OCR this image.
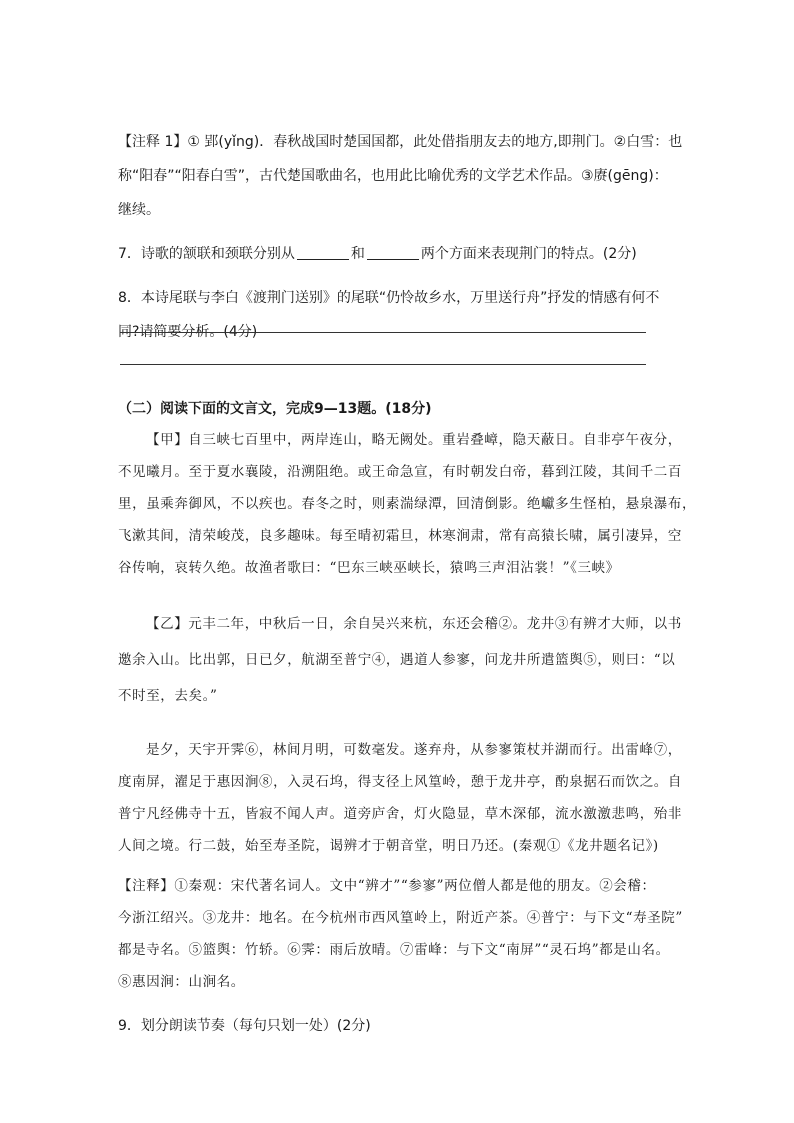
【注释 1】① 郢(yǐng)．春秋战国时楚国国都，此处借指朋友去的地方,即荆门。②白雪：也
称“阳春”“阳春白雪”，古代楚国歌曲名，也用此比喻优秀的文学艺术作品。③赓(gēng)：
继续。
7．诗歌的颔联和颈联分别从	和	两个方面来表现荆门的特点。(2分)
8．本诗尾联与李白《渡荆门送别》的尾联“仍怜故乡水，万里送行舟”抒发的情感有何不
同?请简要分析。(4分)
（二）阅读下面的文言文，完成9—13题。(18分)
【甲】自三峡七百里中，两岸连山，略无阙处。重岩叠嶂，隐天蔽日。自非亭午夜分，
不见曦月。至于夏水襄陵，沿溯阻绝。或王命急宣，有时朝发白帝，暮到江陵，其间千二百
里，虽乘奔御风，不以疾也。春冬之时，则素湍绿潭，回清倒影。绝巘多生怪柏，悬泉瀑布，
飞漱其间，清荣峻茂，良多趣味。每至晴初霜旦，林寒涧肃，常有高猿长啸，属引凄异，空
谷传响，哀转久绝。故渔者歌曰：“巴东三峡巫峡长，猿鸣三声泪沾裳！”《三峡》
【乙】元丰二年，中秋后一日，余自吴兴来杭，东还会稽②。龙井③有辨才大师，以书
邀余入山。比出郭，日已夕，航湖至普宁④，遇道人参寥，问龙井所遣篮舆⑤，则曰：“以
不时至，去矣。”
是夕，天宇开霁⑥，林间月明，可数毫发。遂弃舟，从参寥策杖并湖而行。出雷峰⑦，
度南屏，濯足于惠因涧⑧，入灵石坞，得支径上风篁岭，憩于龙井亭，酌泉据石而饮之。自
普宁凡经佛寺十五，皆寂不闻人声。道旁庐舍，灯火隐显，草木深郁，流水激激悲鸣，殆非
人间之境。行二鼓，始至寿圣院，谒辨才于朝音堂，明日乃还。(秦观①《龙井题名记》)
【注释】①秦观：宋代著名词人。文中“辨才”“参寥”两位僧人都是他的朋友。②会稽：
今浙江绍兴。③龙井：地名。在今杭州市西风篁岭上，附近产茶。④普宁：与下文“寿圣院”
都是寺名。⑤篮舆：竹轿。⑥霁：雨后放晴。⑦雷峰：与下文“南屏”“灵石坞”都是山名。
⑧惠因涧：山涧名。
9．划分朗读节奏（每句只划一处）(2分)
